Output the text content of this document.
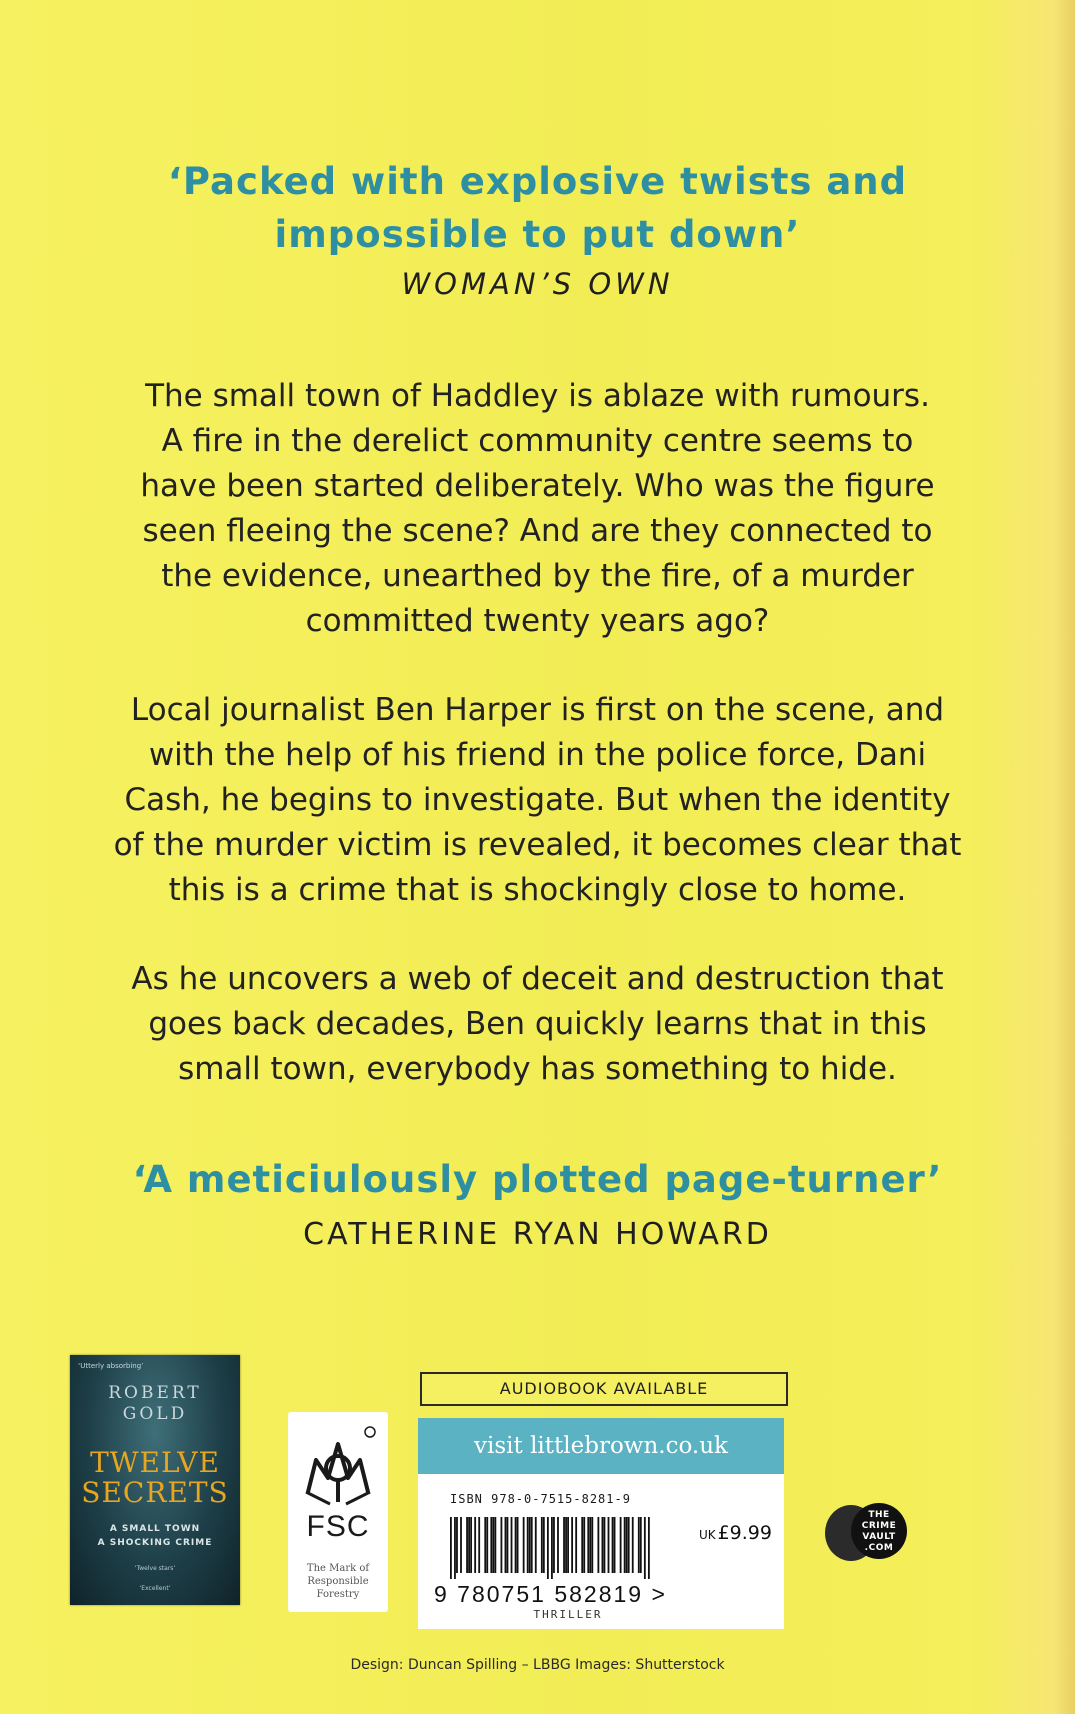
‘Packed with explosive twists and
impossible to put down’
WOMAN’S OWN
The small town of Haddley is ablaze with rumours.
A fire in the derelict community centre seems to
have been started deliberately. Who was the figure
seen fleeing the scene? And are they connected to
the evidence, unearthed by the fire, of a murder
committed twenty years ago?
Local journalist Ben Harper is first on the scene, and
with the help of his friend in the police force, Dani
Cash, he begins to investigate. But when the identity
of the murder victim is revealed, it becomes clear that
this is a crime that is shockingly close to home.
As he uncovers a web of deceit and destruction that
goes back decades, Ben quickly learns that in this
small town, everybody has something to hide.
‘A meticiulously plotted page-turner’
CATHERINE RYAN HOWARD
‘Utterly absorbing’
ROBERT
GOLD
TWELVE
SECRETS
A SMALL TOWN
A SHOCKING CRIME
‘Twelve stars’
‘Excellent’
FSC
The Mark of
Responsible
Forestry
AUDIOBOOK AVAILABLE
visit littlebrown.co.uk
ISBN 978-0-7515-8281-9
9 780751 582819 >
THRILLER
UK £9.99
THE
CRIME
VAULT
.COM
Design: Duncan Spilling – LBBG Images: Shutterstock
